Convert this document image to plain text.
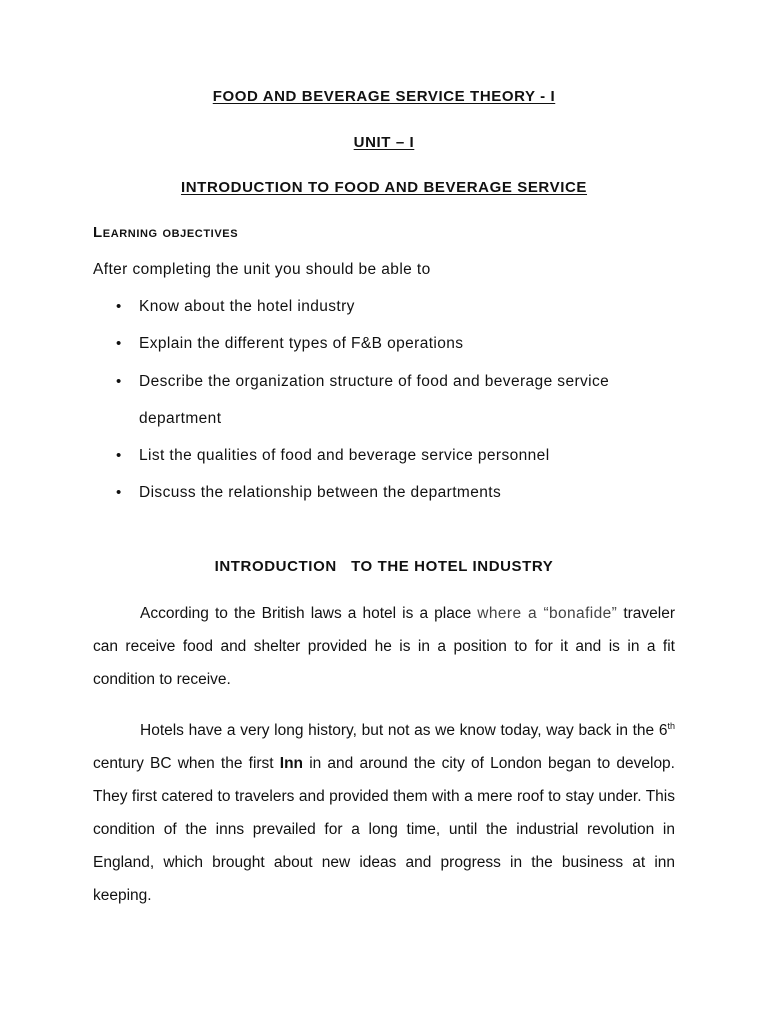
FOOD AND BEVERAGE SERVICE THEORY - I
UNIT – I
INTRODUCTION TO FOOD AND BEVERAGE SERVICE
Learning objectives

After completing the unit you should be able to

• Know about the hotel industry
• Explain the different types of F&B operations
• Describe the organization structure of food and beverage service
department
• List the qualities of food and beverage service personnel
• Discuss the relationship between the departments
INTRODUCTION   TO THE HOTEL INDUSTRY

According to the British laws a hotel is a place where a “bonafide” traveler can receive food and shelter provided he is in a position to for it and is in a fit condition to receive.

Hotels have a very long history, but not as we know today, way back in the 6th century BC when the first Inn in and around the city of London began to develop. They first catered to travelers and provided them with a mere roof to stay under. This condition of the inns prevailed for a long time, until the industrial revolution in England, which brought about new ideas and progress in the business at inn keeping.
